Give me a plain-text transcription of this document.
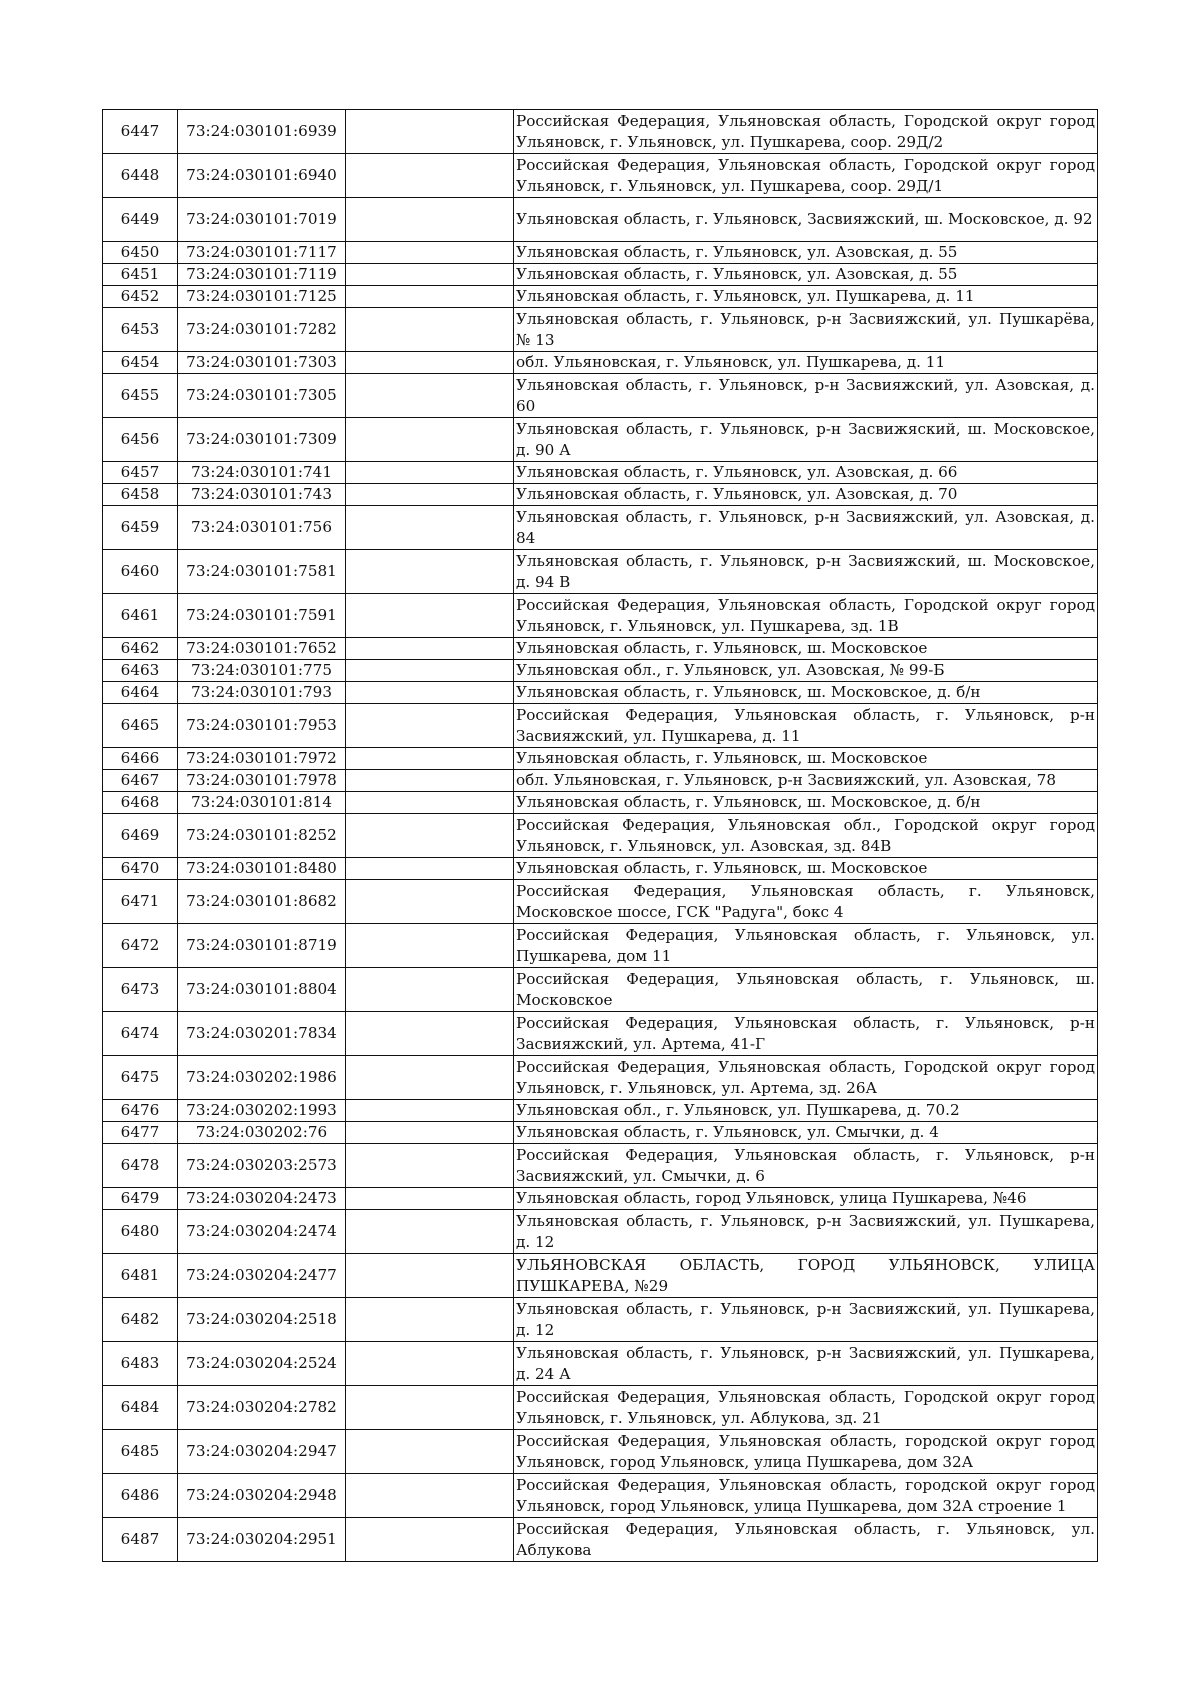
6447	73:24:030101:6939		Российская Федерация, Ульяновская область, Городской округ город Ульяновск, г. Ульяновск, ул. Пушкарева, соор. 29Д/2
6448	73:24:030101:6940		Российская Федерация, Ульяновская область, Городской округ город Ульяновск, г. Ульяновск, ул. Пушкарева, соор. 29Д/1
6449	73:24:030101:7019		Ульяновская область, г. Ульяновск, Засвияжский, ш. Московское, д. 92
6450	73:24:030101:7117		Ульяновская область, г. Ульяновск, ул. Азовская, д. 55
6451	73:24:030101:7119		Ульяновская область, г. Ульяновск, ул. Азовская, д. 55
6452	73:24:030101:7125		Ульяновская область, г. Ульяновск, ул. Пушкарева, д. 11
6453	73:24:030101:7282		Ульяновская область, г. Ульяновск, р-н Засвияжский, ул. Пушкарёва, № 13
6454	73:24:030101:7303		обл. Ульяновская, г. Ульяновск, ул. Пушкарева, д. 11
6455	73:24:030101:7305		Ульяновская область, г. Ульяновск, р-н Засвияжский, ул. Азовская, д. 60
6456	73:24:030101:7309		Ульяновская область, г. Ульяновск, р-н Засвижяский, ш. Московское, д. 90 А
6457	73:24:030101:741		Ульяновская область, г. Ульяновск, ул. Азовская, д. 66
6458	73:24:030101:743		Ульяновская область, г. Ульяновск, ул. Азовская, д. 70
6459	73:24:030101:756		Ульяновская область, г. Ульяновск, р-н Засвияжский, ул. Азовская, д. 84
6460	73:24:030101:7581		Ульяновская область, г. Ульяновск, р-н Засвияжский, ш. Московское, д. 94 В
6461	73:24:030101:7591		Российская Федерация, Ульяновская область, Городской округ город Ульяновск, г. Ульяновск, ул. Пушкарева, зд. 1В
6462	73:24:030101:7652		Ульяновская область, г. Ульяновск, ш. Московское
6463	73:24:030101:775		Ульяновская обл., г. Ульяновск, ул. Азовская, № 99-Б
6464	73:24:030101:793		Ульяновская область, г. Ульяновск, ш. Московское, д. б/н
6465	73:24:030101:7953		Российская Федерация, Ульяновская область, г. Ульяновск, р-н Засвияжский, ул. Пушкарева, д. 11
6466	73:24:030101:7972		Ульяновская область, г. Ульяновск, ш. Московское
6467	73:24:030101:7978		обл. Ульяновская, г. Ульяновск, р-н Засвияжский, ул. Азовская, 78
6468	73:24:030101:814		Ульяновская область, г. Ульяновск, ш. Московское, д. б/н
6469	73:24:030101:8252		Российская Федерация, Ульяновская обл., Городской округ город Ульяновск, г. Ульяновск, ул. Азовская, зд. 84В
6470	73:24:030101:8480		Ульяновская область, г. Ульяновск, ш. Московское
6471	73:24:030101:8682		Российская Федерация, Ульяновская область, г. Ульяновск, Московское шоссе, ГСК "Радуга", бокс 4
6472	73:24:030101:8719		Российская Федерация, Ульяновская область, г. Ульяновск, ул. Пушкарева, дом 11
6473	73:24:030101:8804		Российская Федерация, Ульяновская область, г. Ульяновск, ш. Московское
6474	73:24:030201:7834		Российская Федерация, Ульяновская область, г. Ульяновск, р-н Засвияжский, ул. Артема, 41-Г
6475	73:24:030202:1986		Российская Федерация, Ульяновская область, Городской округ город Ульяновск, г. Ульяновск, ул. Артема, зд. 26А
6476	73:24:030202:1993		Ульяновская обл., г. Ульяновск, ул. Пушкарева, д. 70.2
6477	73:24:030202:76		Ульяновская область, г. Ульяновск, ул. Смычки, д. 4
6478	73:24:030203:2573		Российская Федерация, Ульяновская область, г. Ульяновск, р-н Засвияжский, ул. Смычки, д. 6
6479	73:24:030204:2473		Ульяновская область, город Ульяновск, улица Пушкарева, №46
6480	73:24:030204:2474		Ульяновская область, г. Ульяновск, р-н Засвияжский, ул. Пушкарева, д. 12
6481	73:24:030204:2477		УЛЬЯНОВСКАЯ ОБЛАСТЬ, ГОРОД УЛЬЯНОВСК, УЛИЦА ПУШКАРЕВА, №29
6482	73:24:030204:2518		Ульяновская область, г. Ульяновск, р-н Засвияжский, ул. Пушкарева, д. 12
6483	73:24:030204:2524		Ульяновская область, г. Ульяновск, р-н Засвияжский, ул. Пушкарева, д. 24 А
6484	73:24:030204:2782		Российская Федерация, Ульяновская область, Городской округ город Ульяновск, г. Ульяновск, ул. Аблукова, зд. 21
6485	73:24:030204:2947		Российская Федерация, Ульяновская область, городской округ город Ульяновск, город Ульяновск, улица Пушкарева, дом 32А
6486	73:24:030204:2948		Российская Федерация, Ульяновская область, городской округ город Ульяновск, город Ульяновск, улица Пушкарева, дом 32А строение 1
6487	73:24:030204:2951		Российская Федерация, Ульяновская область, г. Ульяновск, ул. Аблукова
